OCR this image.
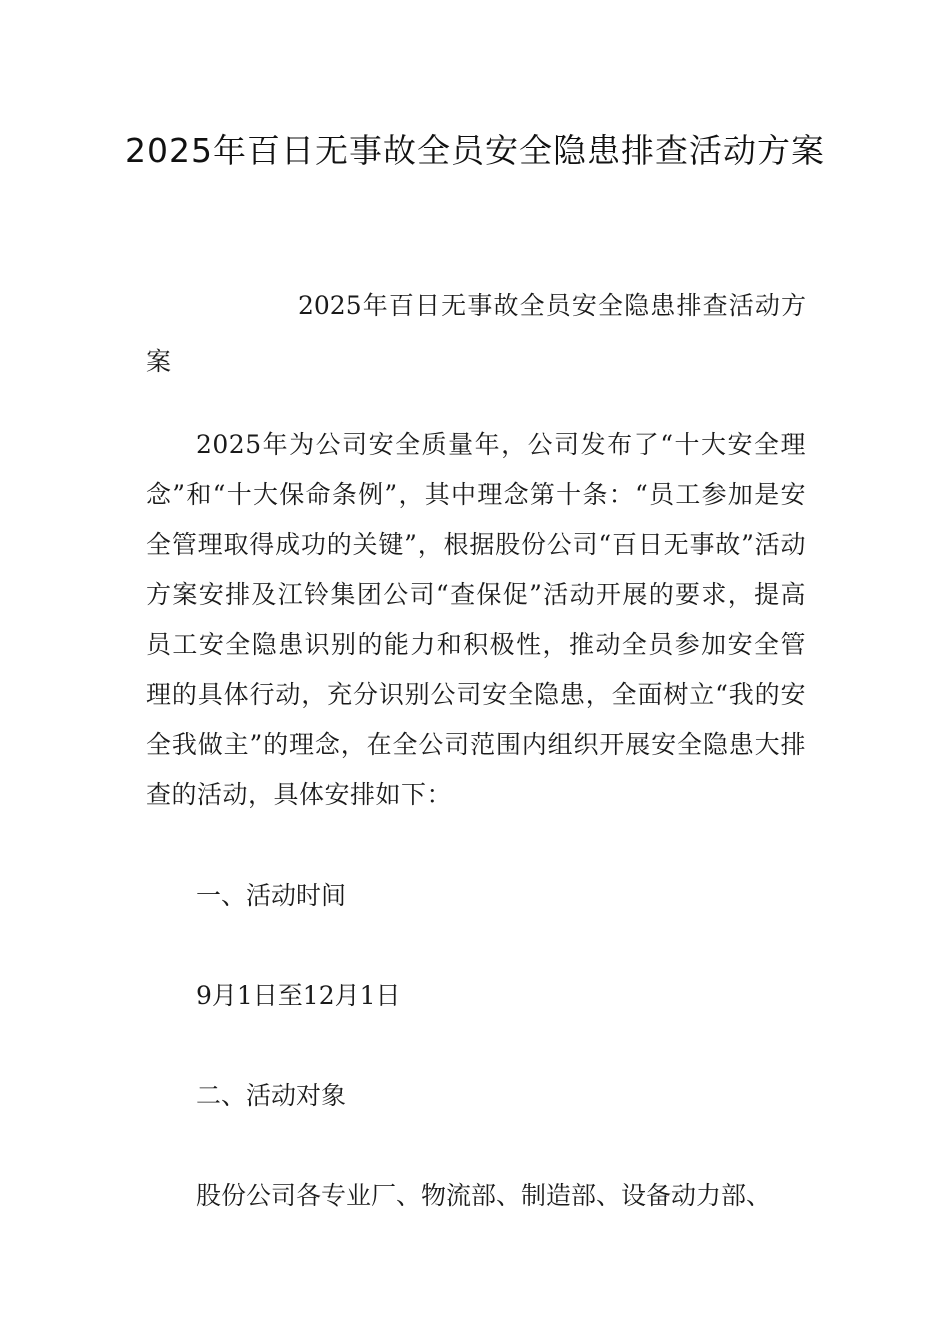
2025年百日无事故全员安全隐患排查活动方案

2025年百日无事故全员安全隐患排查活动方案

2025年为公司安全质量年，公司发布了“十大安全理念”和“十大保命条例”，其中理念第十条：“员工参加是安全管理取得成功的关键”，根据股份公司“百日无事故”活动方案安排及江铃集团公司“查保促”活动开展的要求，提高员工安全隐患识别的能力和积极性，推动全员参加安全管理的具体行动，充分识别公司安全隐患，全面树立“我的安全我做主”的理念，在全公司范围内组织开展安全隐患大排查的活动，具体安排如下：

一、活动时间

9月1日至12月1日

二、活动对象

股份公司各专业厂、物流部、制造部、设备动力部、
